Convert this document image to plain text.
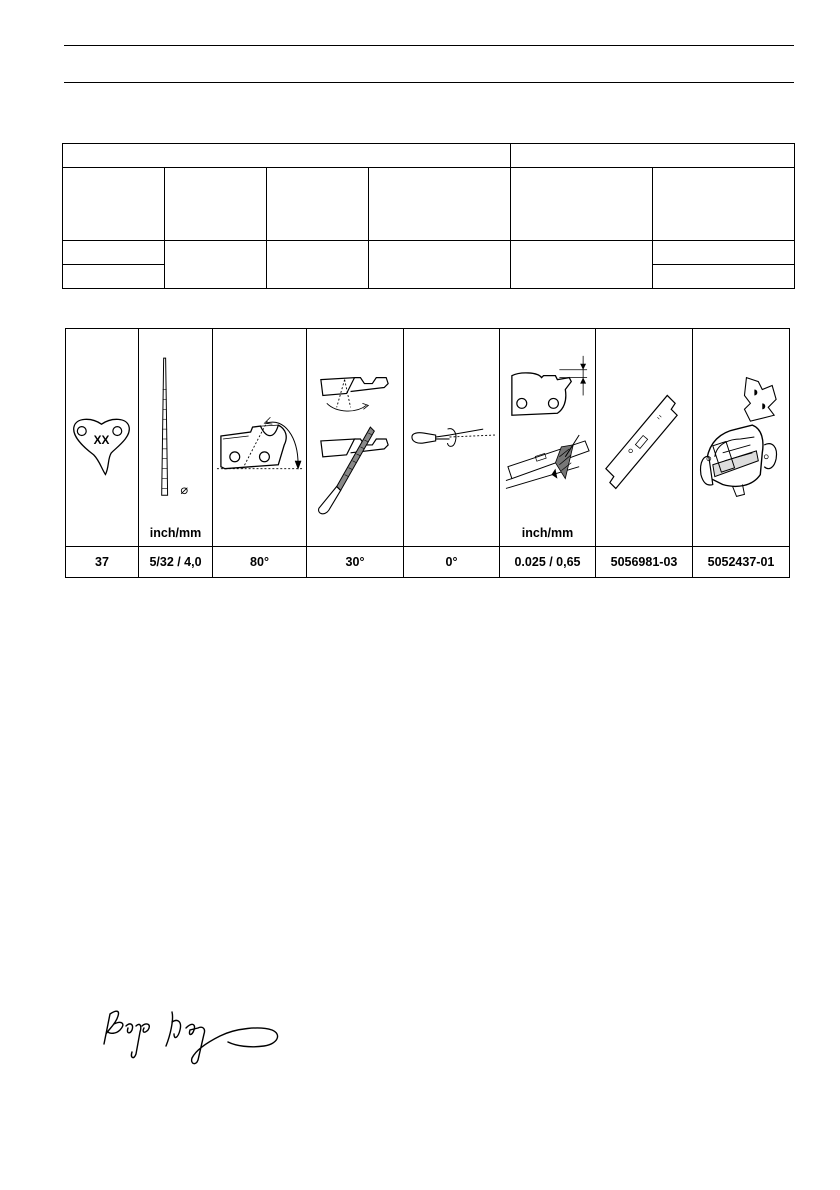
XX	⌀
inch/mm				inch/mm

37	5/32 / 4,0	80°	30°	0°	0.025 / 0,65	5056981-03	5052437-01
